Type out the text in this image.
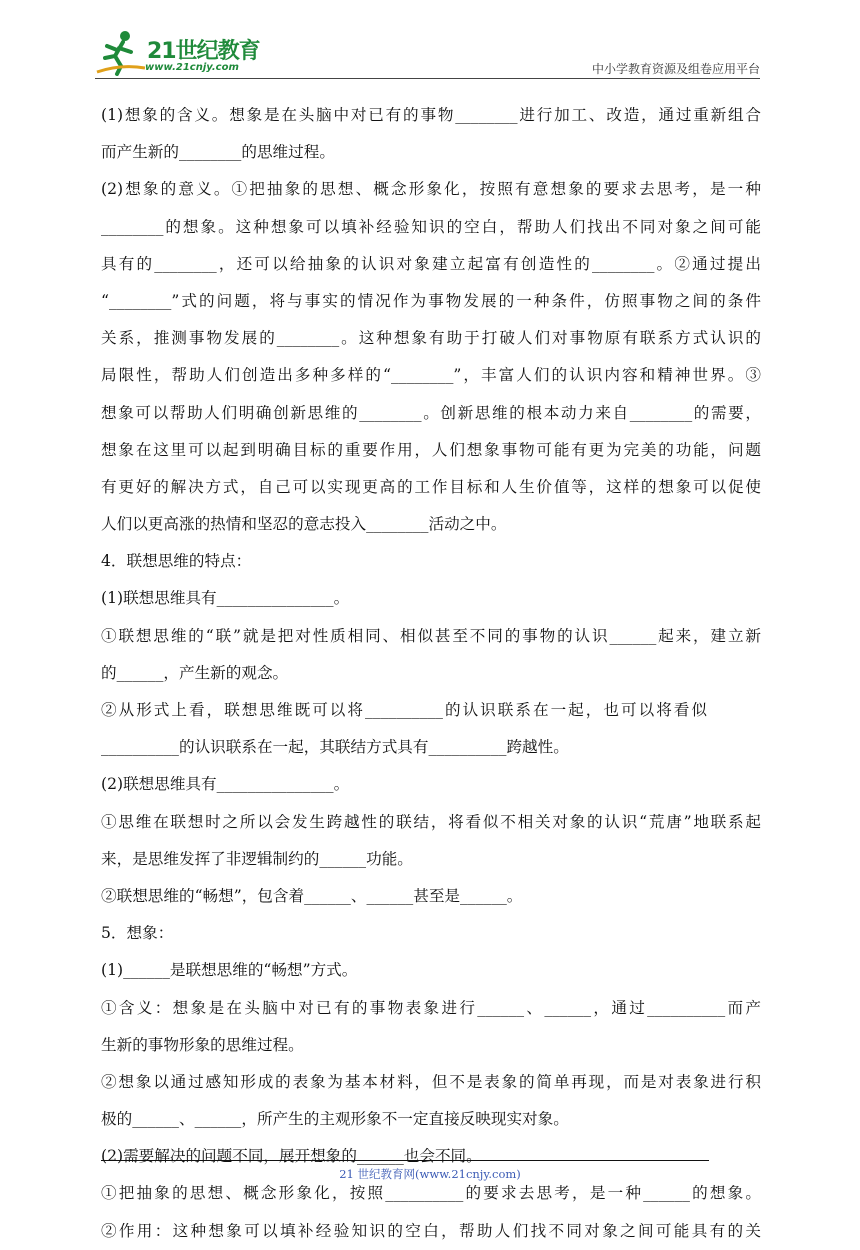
21世纪教育
www.21cnjy.com	中小学教育资源及组卷应用平台
(1)想象的含义。想象是在头脑中对已有的事物________进行加工、改造，通过重新组合
而产生新的________的思维过程。
(2)想象的意义。①把抽象的思想、概念形象化，按照有意想象的要求去思考，是一种
________的想象。这种想象可以填补经验知识的空白，帮助人们找出不同对象之间可能
具有的________，还可以给抽象的认识对象建立起富有创造性的________。②通过提出
“________”式的问题，将与事实的情况作为事物发展的一种条件，仿照事物之间的条件
关系，推测事物发展的________。这种想象有助于打破人们对事物原有联系方式认识的
局限性，帮助人们创造出多种多样的“________”，丰富人们的认识内容和精神世界。③
想象可以帮助人们明确创新思维的________。创新思维的根本动力来自________的需要，
想象在这里可以起到明确目标的重要作用，人们想象事物可能有更为完美的功能，问题
有更好的解决方式，自己可以实现更高的工作目标和人生价值等，这样的想象可以促使
人们以更高涨的热情和坚忍的意志投入________活动之中。
4．联想思维的特点：
(1)联想思维具有_______________。
①联想思维的“联”就是把对性质相同、相似甚至不同的事物的认识______起来，建立新
的______，产生新的观念。
②从形式上看，联想思维既可以将__________的认识联系在一起，也可以将看似
__________的认识联系在一起，其联结方式具有__________跨越性。
(2)联想思维具有_______________。
①思维在联想时之所以会发生跨越性的联结，将看似不相关对象的认识“荒唐”地联系起
来，是思维发挥了非逻辑制约的______功能。
②联想思维的“畅想”，包含着______、______甚至是______。
5．想象：
(1)______是联想思维的“畅想”方式。
①含义：想象是在头脑中对已有的事物表象进行______、______，通过__________而产
生新的事物形象的思维过程。
②想象以通过感知形成的表象为基本材料，但不是表象的简单再现，而是对表象进行积
极的______、______，所产生的主观形象不一定直接反映现实对象。
(2)需要解决的问题不同，展开想象的______也会不同。
①把抽象的思想、概念形象化，按照__________的要求去思考，是一种______的想象。
②作用：这种想象可以填补经验知识的空白，帮助人们找不同对象之间可能具有的关
21 世纪教育网(www.21cnjy.com)
